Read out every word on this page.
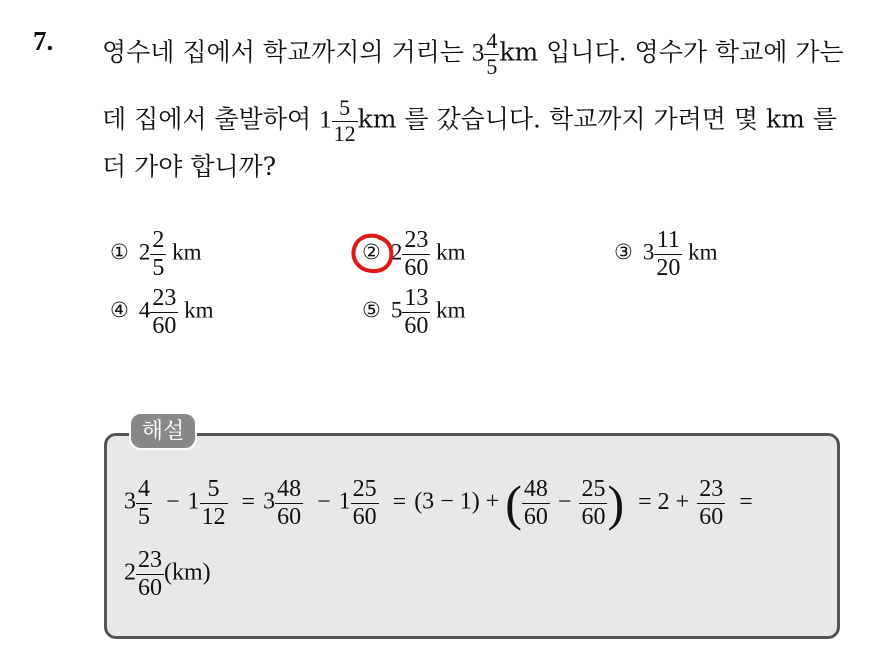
7. 영수네 집에서 학교까지의 거리는 $3 \frac{4}{5}$ km 입니다. 영수가 학교에 가는
데 집에서 출발하여 $1 \frac{5}{12}$ km 를 갔습니다. 학교까지 가려면 몇 km 를
더 가야 합니까?
① $2 \frac{2}{5}$ km	② $2 \frac{23}{60}$ km	③ $3 \frac{11}{20}$ km
④ $4 \frac{23}{60}$ km	⑤ $5 \frac{13}{60}$ km
해설
$3 \frac{4}{5} - 1 \frac{5}{12} = 3 \frac{48}{60} - 1 \frac{25}{60} = (3 - 1)$ + ( $\frac{48}{60} - \frac{25}{60}$ ) = $2 + \frac{23}{60}$ =
$2 \frac{23}{60} (km)$
